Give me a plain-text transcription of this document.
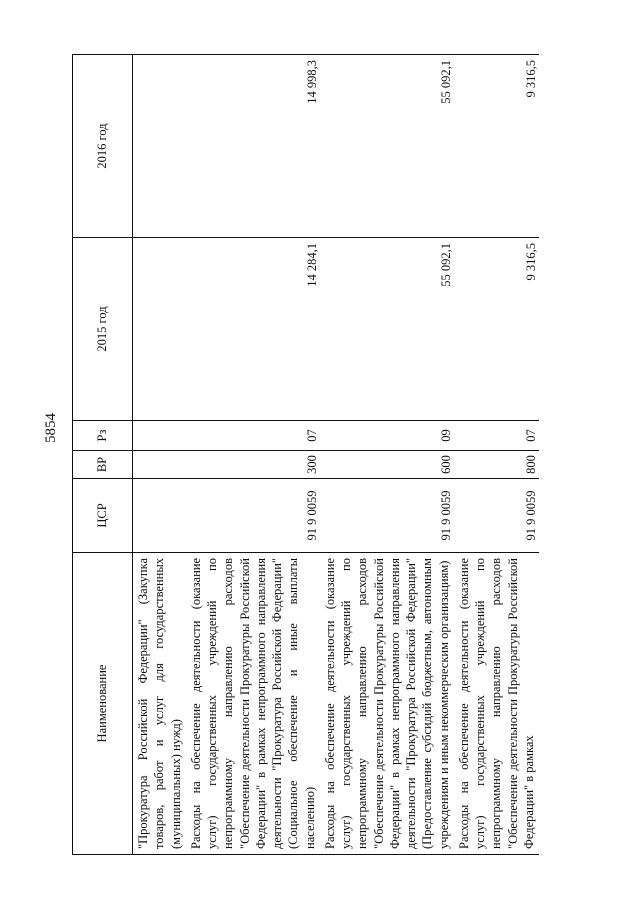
5854
Наименование	ЦСР	ВР	Рз	2015 год	2016 год
"Прокуратура Российской Федерации" (Закупка товаров, работ и услуг для государственных (муниципальных) нужд)					
Расходы на обеспечение деятельности (оказание услуг) государственных учреждений по непрограммному направлению расходов "Обеспечение деятельности Прокуратуры Российской Федерации" в рамках непрограммного направления деятельности "Прокуратура Российской Федерации" (Социальное обеспечение и иные выплаты населению)	91 9 0059	300	07	14 284,1	14 998,3
Расходы на обеспечение деятельности (оказание услуг) государственных учреждений по непрограммному направлению расходов "Обеспечение деятельности Прокуратуры Российской Федерации" в рамках непрограммного направления деятельности "Прокуратура Российской Федерации" (Предоставление субсидий бюджетным, автономным учреждениям и иным некоммерческим организациям)	91 9 0059	600	09	55 092,1	55 092,1
Расходы на обеспечение деятельности (оказание услуг) государственных учреждений по непрограммному направлению расходов "Обеспечение деятельности Прокуратуры Российской Федерации" в рамках	91 9 0059	800	07	9 316,5	9 316,5
